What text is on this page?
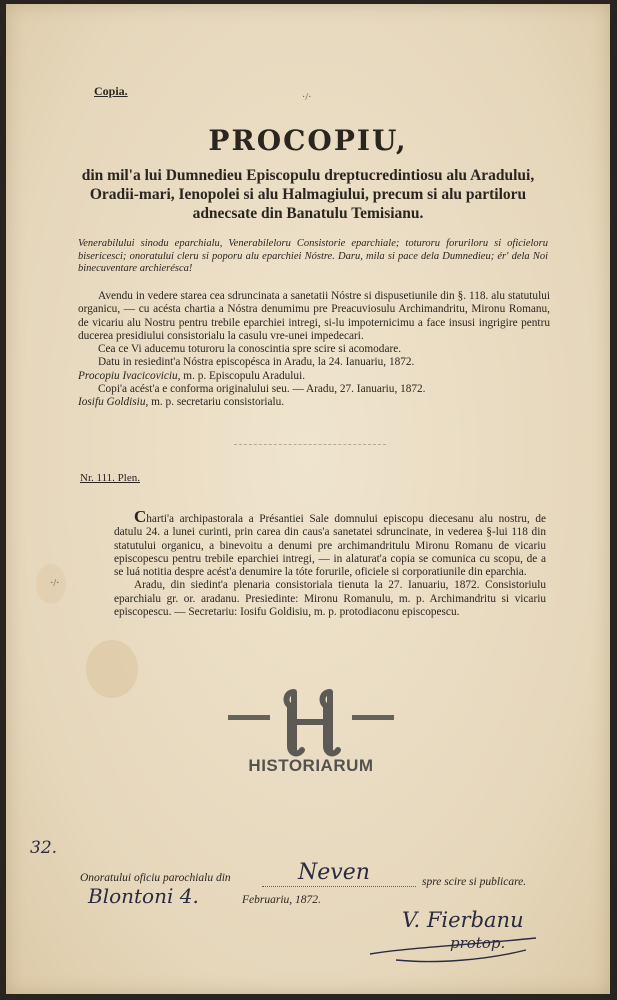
Copia.	·/·
PROCOPIU,
din mil'a lui Dumnedieu Episcopulu dreptucredintiosu alu Aradului, Oradii-mari, Ienopolei si alu Halmagiului, precum si alu partiloru adnecsate din Banatulu Temisianu.
Venerabilului sinodu eparchialu, Venerabileloru Consistorie eparchiale; toturoru foruriloru si oficieloru bisericesci; onoratului cleru si poporu alu eparchiei Nóstre. Daru, mila si pace dela Dumnedieu; ér' dela Noi binecuventare archierésca!

Avendu in vedere starea cea sdruncinata a sanetatii Nóstre si dispusetiunile din §. 118. alu statutului organicu, — cu acésta chartia a Nóstra denumimu pre Preacuviosulu Archimandritu, Mironu Romanu, de vicariu alu Nostru pentru trebile eparchiei intregi, si-lu impoternicimu a face insusi ingrigire pentru ducerea presidiului consistorialu la casulu vre-unei impedecari.

Cea ce Vi aducemu toturoru la conoscintia spre scire si acomodare.

Datu in resiedint'a Nóstra episcopésca in Aradu, la 24. Ianuariu, 1872.

Procopiu Ivacicoviciu, m. p. Episcopulu Aradului.

Copi'a acést'a e conforma originalului seu. — Aradu, 27. Ianuariu, 1872.

Iosifu Goldisiu, m. p. secretariu consistorialu.

Nr. 111. Plen.
·/·

Charti'a archipastorala a Présantiei Sale domnului episcopu diecesanu alu nostru, de datulu 24. a lunei curinti, prin carea din caus'a sanetatei sdruncinate, in vederea §-lui 118 din statutului organicu, a binevoitu a denumi pre archimandritulu Mironu Romanu de vicariu episcopescu pentru trebile eparchiei intregi, — in alaturat'a copia se comunica cu scopu, de a se luá notitia despre acést'a denumire la tóte forurile, oficiele si corporatiunile din eparchia.

Aradu, din siedint'a plenaria consistoriala tienuta la 27. Ianuariu, 1872. Consistoriulu eparchialu gr. or. aradanu. Presiedinte: Mironu Romanulu, m. p. Archimandritu si vicariu episcopescu. — Secretariu: Iosifu Goldisiu, m. p. protodiaconu episcopescu.

HISTORIARUM
32.
Onoratului oficiu parochialu din	Neven	spre scire si publicare.
Blontoni 4.	Februariu, 1872.
V. Fierbanu
protop.
